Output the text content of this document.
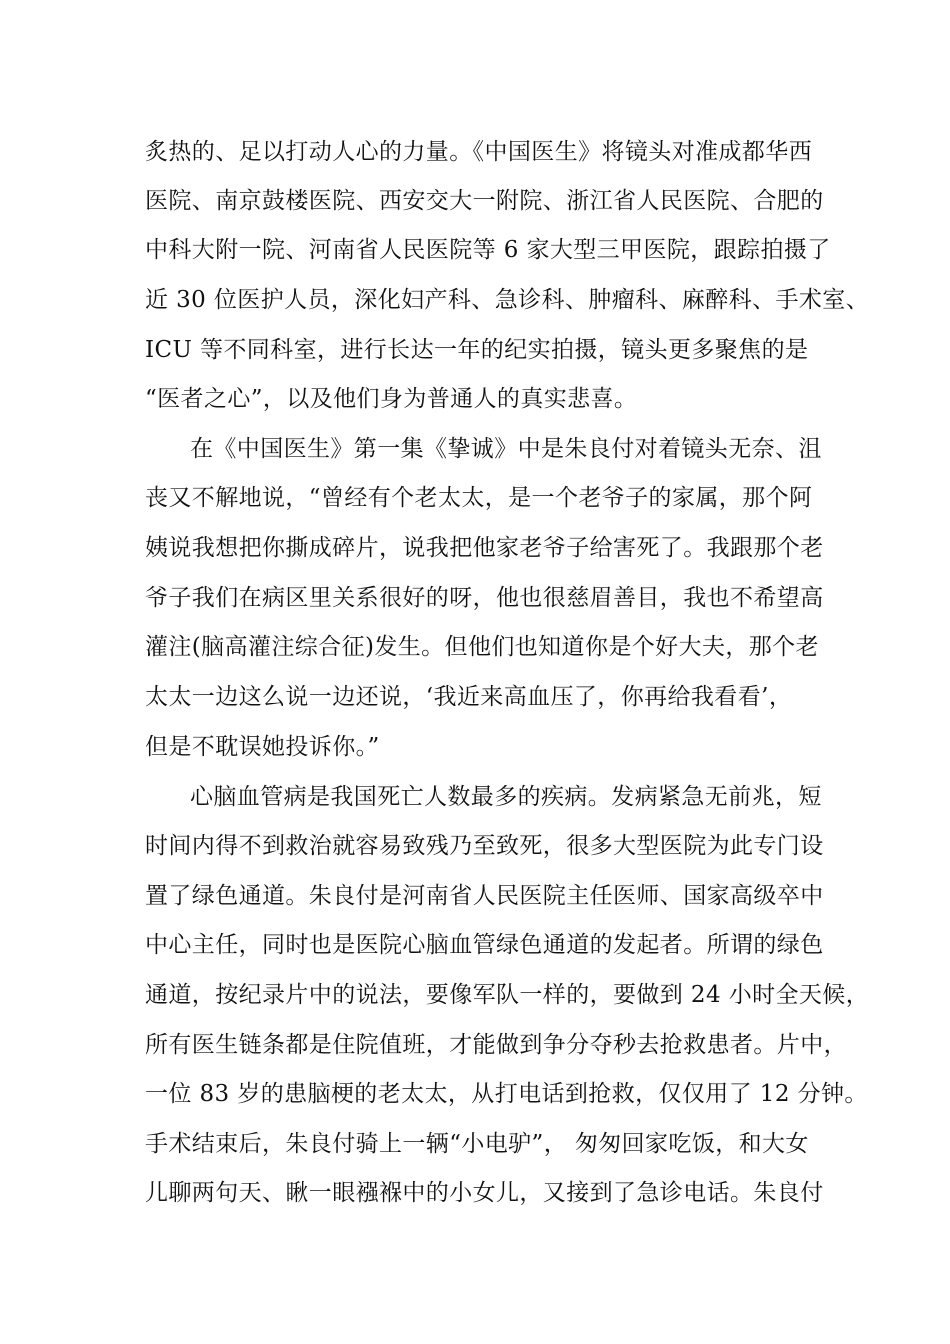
炙热的、足以打动人心的力量。《中国医生》将镜头对准成都华西
医院、南京鼓楼医院、西安交大一附院、浙江省人民医院、合肥的
中科大附一院、河南省人民医院等 6 家大型三甲医院，跟踪拍摄了
近 30 位医护人员，深化妇产科、急诊科、肿瘤科、麻醉科、手术室、
ICU 等不同科室，进行长达一年的纪实拍摄，镜头更多聚焦的是
“医者之心”，以及他们身为普通人的真实悲喜。
在《中国医生》第一集《挚诚》中是朱良付对着镜头无奈、沮
丧又不解地说，“曾经有个老太太，是一个老爷子的家属，那个阿
姨说我想把你撕成碎片，说我把他家老爷子给害死了。我跟那个老
爷子我们在病区里关系很好的呀，他也很慈眉善目，我也不希望高
灌注(脑高灌注综合征)发生。但他们也知道你是个好大夫，那个老
太太一边这么说一边还说，‘我近来高血压了，你再给我看看’，
但是不耽误她投诉你。”
心脑血管病是我国死亡人数最多的疾病。发病紧急无前兆，短
时间内得不到救治就容易致残乃至致死，很多大型医院为此专门设
置了绿色通道。朱良付是河南省人民医院主任医师、国家高级卒中
中心主任，同时也是医院心脑血管绿色通道的发起者。所谓的绿色
通道，按纪录片中的说法，要像军队一样的，要做到 24 小时全天候，
所有医生链条都是住院值班，才能做到争分夺秒去抢救患者。片中，
一位 83 岁的患脑梗的老太太，从打电话到抢救，仅仅用了 12 分钟。
手术结束后，朱良付骑上一辆“小电驴”， 匆匆回家吃饭，和大女
儿聊两句天、瞅一眼襁褓中的小女儿，又接到了急诊电话。朱良付
